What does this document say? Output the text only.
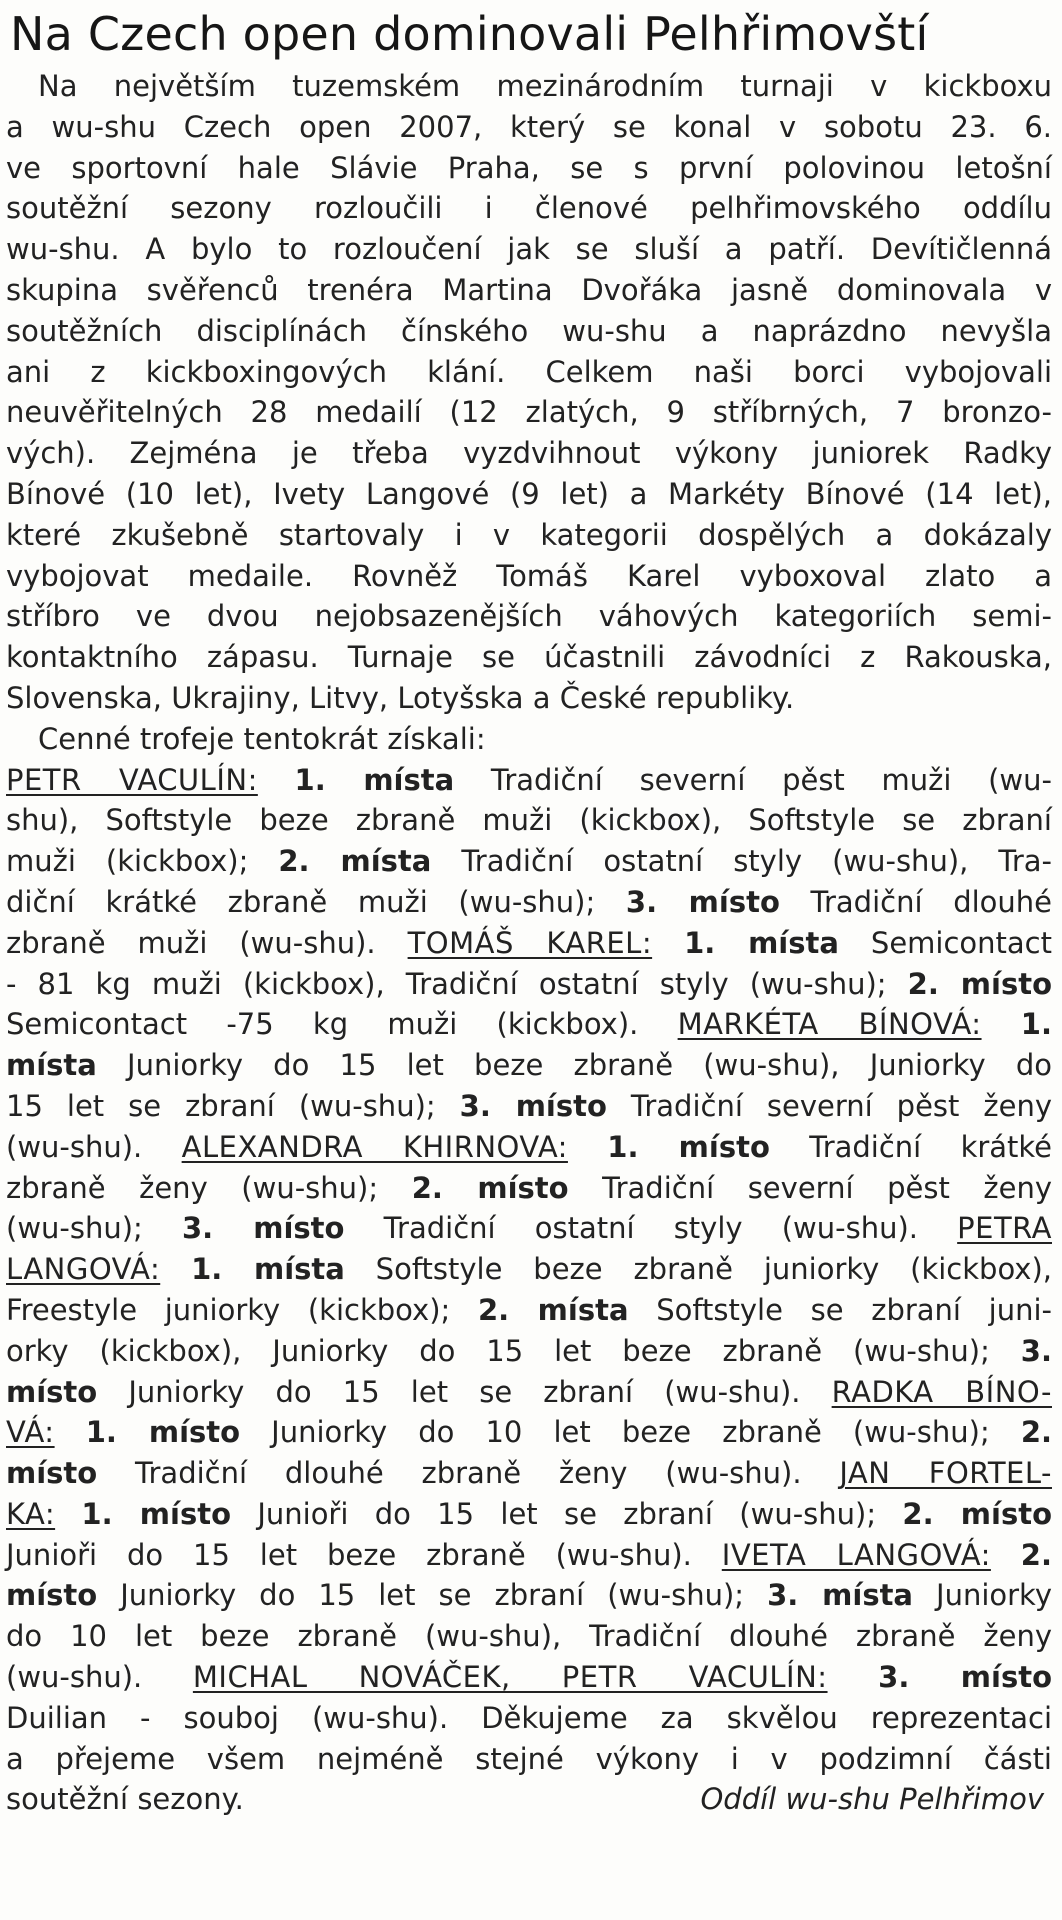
Na Czech open dominovali Pelhřimovští
Na největším tuzemském mezinárodním turnaji v kickboxu
a wu-shu Czech open 2007, který se konal v sobotu 23. 6.
ve sportovní hale Slávie Praha, se s první polovinou letošní
soutěžní sezony rozloučili i členové pelhřimovského oddílu
wu-shu. A bylo to rozloučení jak se sluší a patří. Devítičlenná
skupina svěřenců trenéra Martina Dvořáka jasně dominovala v
soutěžních disciplínách čínského wu-shu a naprázdno nevyšla
ani z kickboxingových klání. Celkem naši borci vybojovali
neuvěřitelných 28 medailí (12 zlatých, 9 stříbrných, 7 bronzo-
vých). Zejména je třeba vyzdvihnout výkony juniorek Radky
Bínové (10 let), Ivety Langové (9 let) a Markéty Bínové (14 let),
které zkušebně startovaly i v kategorii dospělých a dokázaly
vybojovat medaile. Rovněž Tomáš Karel vyboxoval zlato a
stříbro ve dvou nejobsazenějších váhových kategoriích semi-
kontaktního zápasu. Turnaje se účastnili závodníci z Rakouska,
Slovenska, Ukrajiny, Litvy, Lotyšska a České republiky.
Cenné trofeje tentokrát získali:
PETR VACULÍN: 1. místa Tradiční severní pěst muži (wu-
shu), Softstyle beze zbraně muži (kickbox), Softstyle se zbraní
muži (kickbox); 2. místa Tradiční ostatní styly (wu-shu), Tra-
diční krátké zbraně muži (wu-shu); 3. místo Tradiční dlouhé
zbraně muži (wu-shu). TOMÁŠ KAREL: 1. místa Semicontact
- 81 kg muži (kickbox), Tradiční ostatní styly (wu-shu); 2. místo
Semicontact -75 kg muži (kickbox). MARKÉTA BÍNOVÁ: 1.
místa Juniorky do 15 let beze zbraně (wu-shu), Juniorky do
15 let se zbraní (wu-shu); 3. místo Tradiční severní pěst ženy
(wu-shu). ALEXANDRA KHIRNOVA: 1. místo Tradiční krátké
zbraně ženy (wu-shu); 2. místo Tradiční severní pěst ženy
(wu-shu); 3. místo Tradiční ostatní styly (wu-shu). PETRA
LANGOVÁ: 1. místa Softstyle beze zbraně juniorky (kickbox),
Freestyle juniorky (kickbox); 2. místa Softstyle se zbraní juni-
orky (kickbox), Juniorky do 15 let beze zbraně (wu-shu); 3.
místo Juniorky do 15 let se zbraní (wu-shu). RADKA BÍNO-
VÁ: 1. místo Juniorky do 10 let beze zbraně (wu-shu); 2.
místo Tradiční dlouhé zbraně ženy (wu-shu). JAN FORTEL-
KA: 1. místo Junioři do 15 let se zbraní (wu-shu); 2. místo
Junioři do 15 let beze zbraně (wu-shu). IVETA LANGOVÁ: 2.
místo Juniorky do 15 let se zbraní (wu-shu); 3. místa Juniorky
do 10 let beze zbraně (wu-shu), Tradiční dlouhé zbraně ženy
(wu-shu). MICHAL NOVÁČEK, PETR VACULÍN: 3. místo
Duilian - souboj (wu-shu). Děkujeme za skvělou reprezentaci
a přejeme všem nejméně stejné výkony i v podzimní části
soutěžní sezony.	Oddíl wu-shu Pelhřimov
